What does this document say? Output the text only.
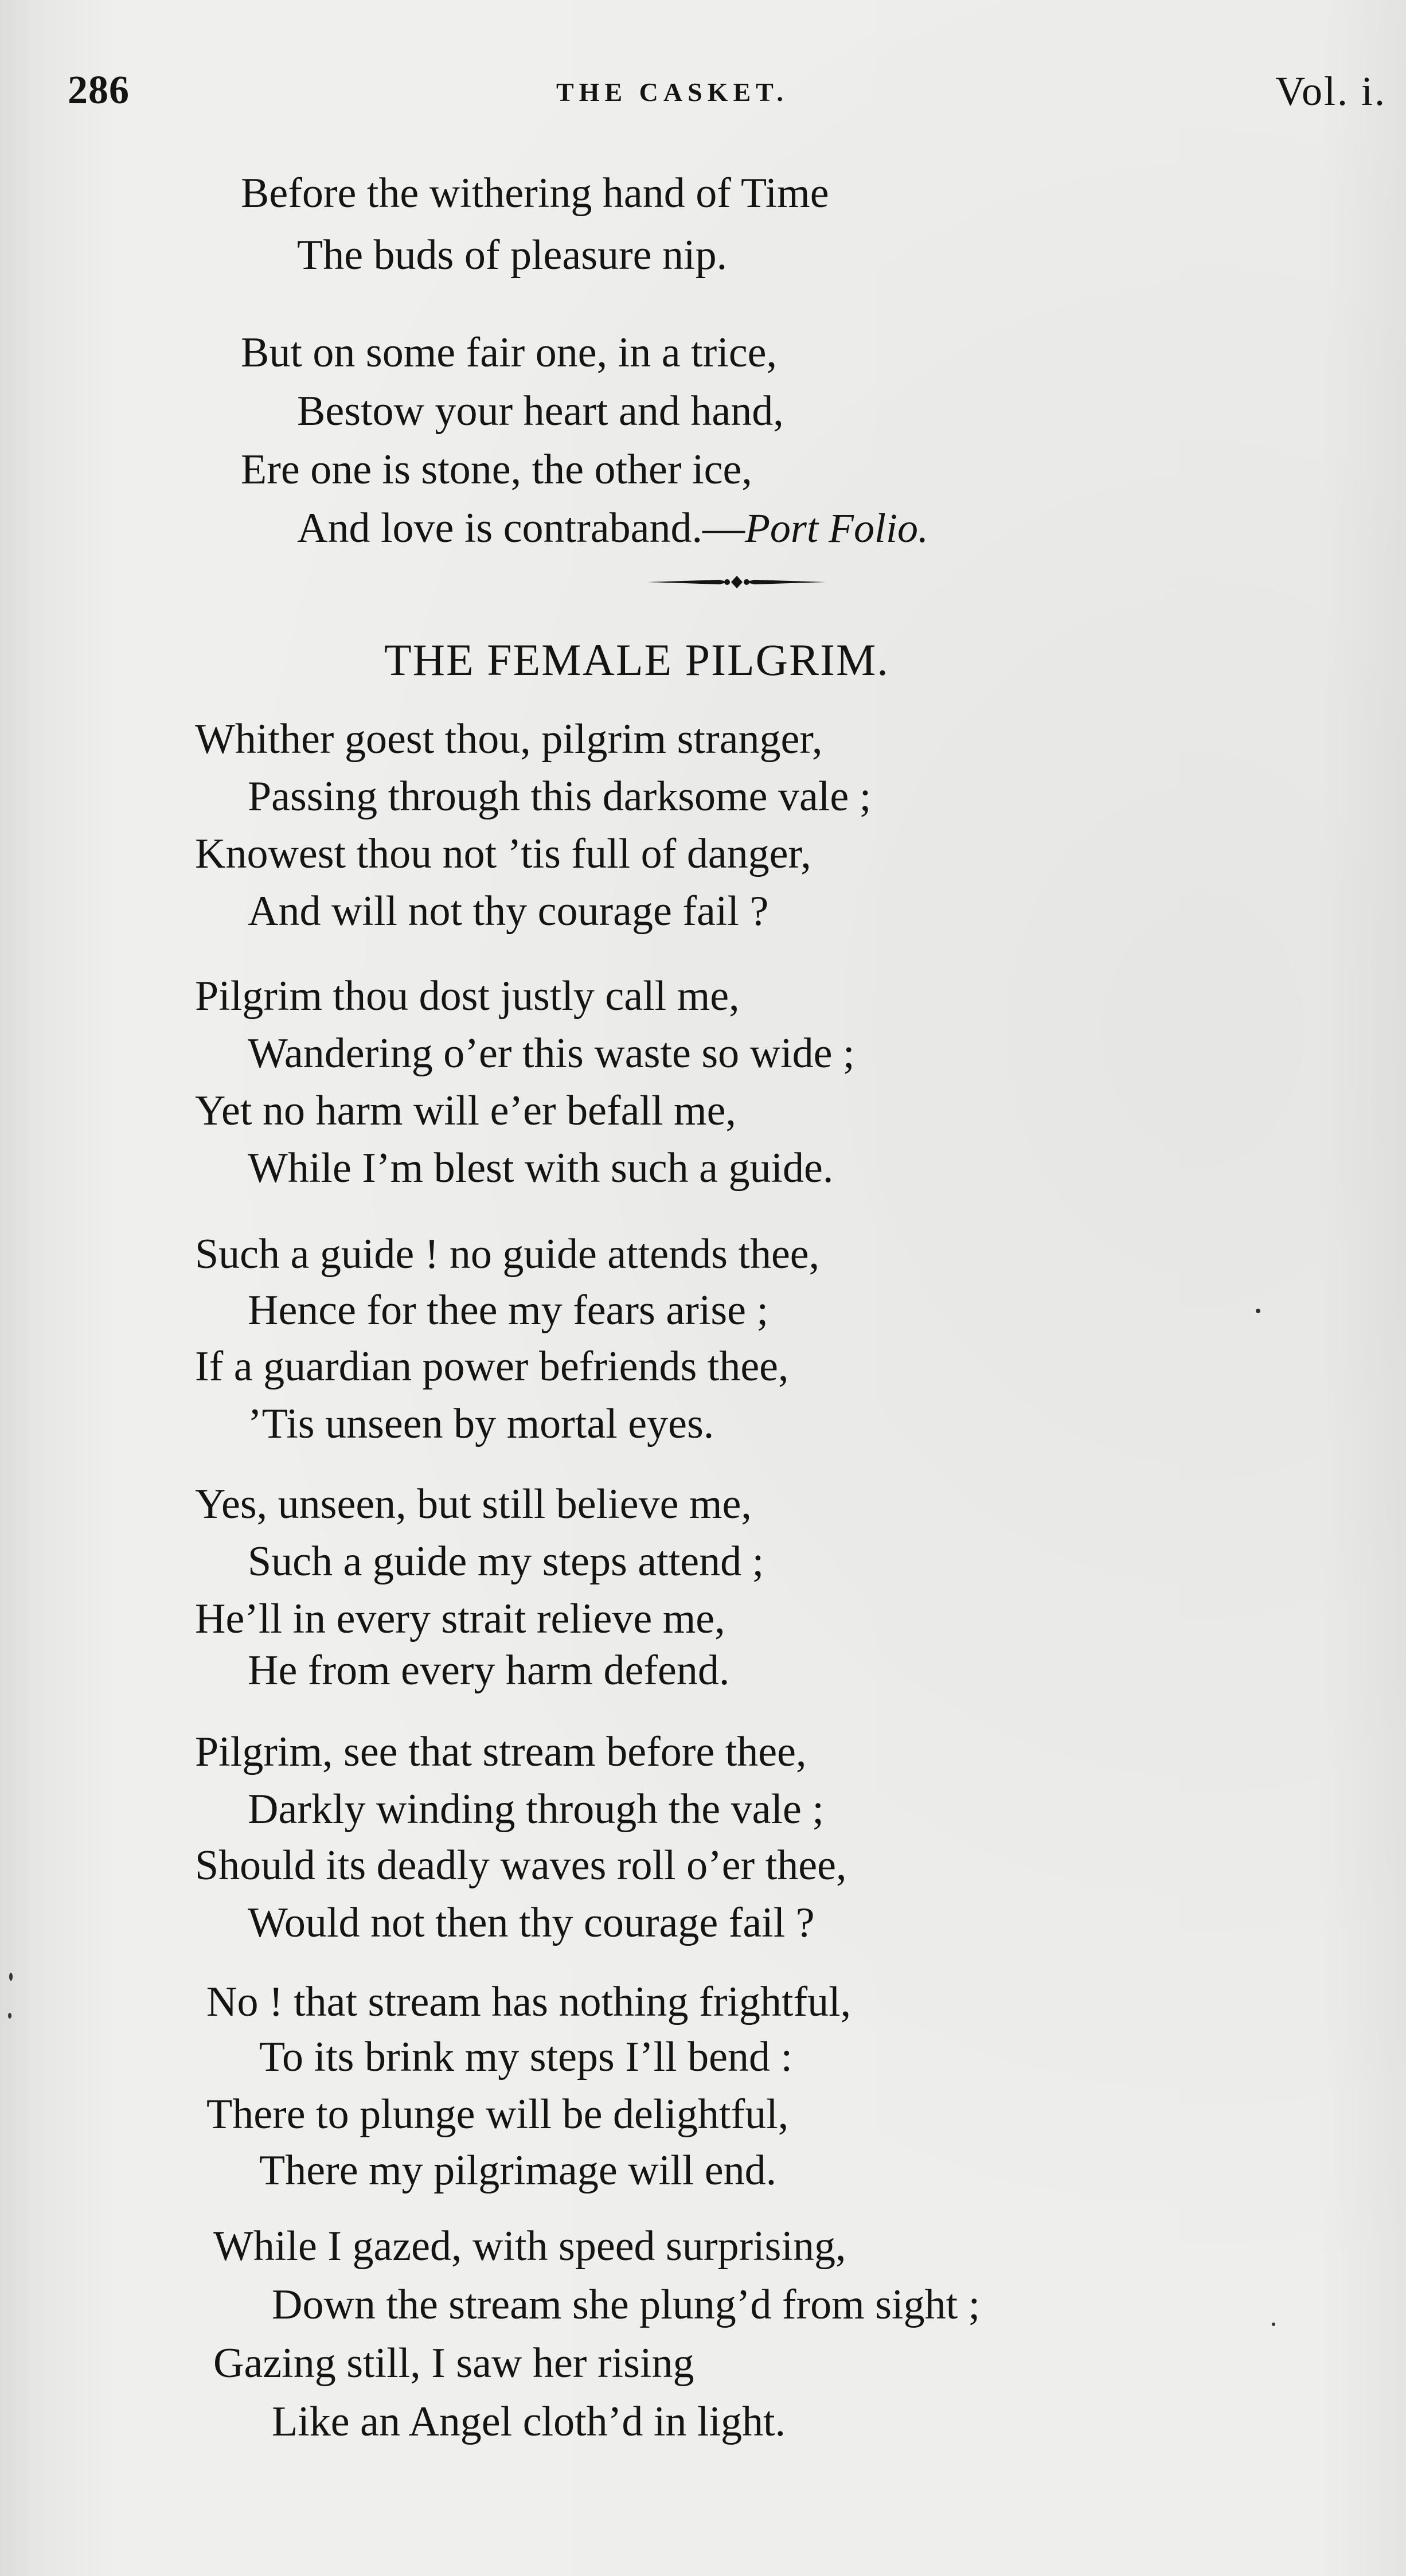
286	THE CASKET.	Vol. i.
Before the withering hand of Time
The buds of pleasure nip.
But on some fair one, in a trice,
Bestow your heart and hand,
Ere one is stone, the other ice,
And love is contraband.—Port Folio.
THE FEMALE PILGRIM.
Whither goest thou, pilgrim stranger,
Passing through this darksome vale ;
Knowest thou not ’tis full of danger,
And will not thy courage fail ?
Pilgrim thou dost justly call me,
Wandering o’er this waste so wide ;
Yet no harm will e’er befall me,
While I’m blest with such a guide.
Such a guide ! no guide attends thee,
Hence for thee my fears arise ;
If a guardian power befriends thee,
’Tis unseen by mortal eyes.
Yes, unseen, but still believe me,
Such a guide my steps attend ;
He’ll in every strait relieve me,
He from every harm defend.
Pilgrim, see that stream before thee,
Darkly winding through the vale ;
Should its deadly waves roll o’er thee,
Would not then thy courage fail ?
No ! that stream has nothing frightful,
To its brink my steps I’ll bend :
There to plunge will be delightful,
There my pilgrimage will end.
While I gazed, with speed surprising,
Down the stream she plung’d from sight ;
Gazing still, I saw her rising
Like an Angel cloth’d in light.
